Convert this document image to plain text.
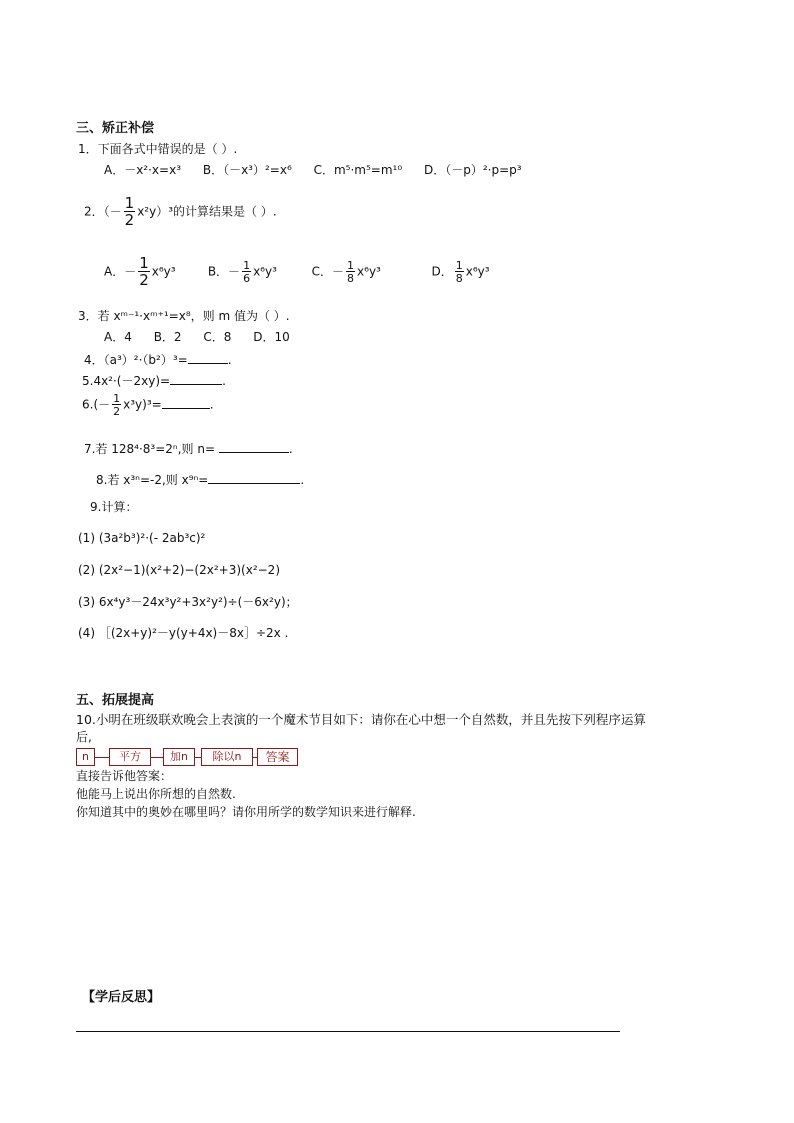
三、矫正补偿
1．下面各式中错误的是（ ）.
A．－x²·x=x³ B．（－x³）²=x⁶ C．m⁵·m⁵=m¹⁰ D．（－p）²·p=p³
2．（－ $\frac{1}{2} x^2y)^3$的计算结果是（ ）.
A．－ $\frac{1}{2} x^6y^3$	B．－ $\frac{1}{6} x^6y^3$	C．－ $\frac{1}{8} x^6y^3$	D． $\frac{1}{8} x^6y^3$
3．若 xᵐ⁻¹·xᵐ⁺¹=x⁸，则 m 值为（ ）.
A．4 B．2 C．8 D．10
4．（a³）²·（b²）³=	.
5.4x²·(－2xy)=	.
$6.(- \frac{1}{2} x^3y)^3=$	.
7.若 128⁴·8³=2ⁿ,则 n=	.
8.若 x³ⁿ=-2,则 x⁹ⁿ=	.
9.计算：
(1) (3a²b³)²·(- 2ab³c)²
(2) (2x²−1)(x²+2)−(2x²+3)(x²−2)
(3) 6x⁴y³－24x³y²+3x²y²)÷(－6x²y)；
(4) ［(2x+y)²－y(y+4x)－8x］÷2x .
五、拓展提高
10.小明在班级联欢晚会上表演的一个魔术节目如下：请你在心中想一个自然数，并且先按下列程序运算
后,
n	平方	加n	除以n	答案
直接告诉他答案：
他能马上说出你所想的自然数.
你知道其中的奥妙在哪里吗？请你用所学的数学知识来进行解释.
【学后反思】
